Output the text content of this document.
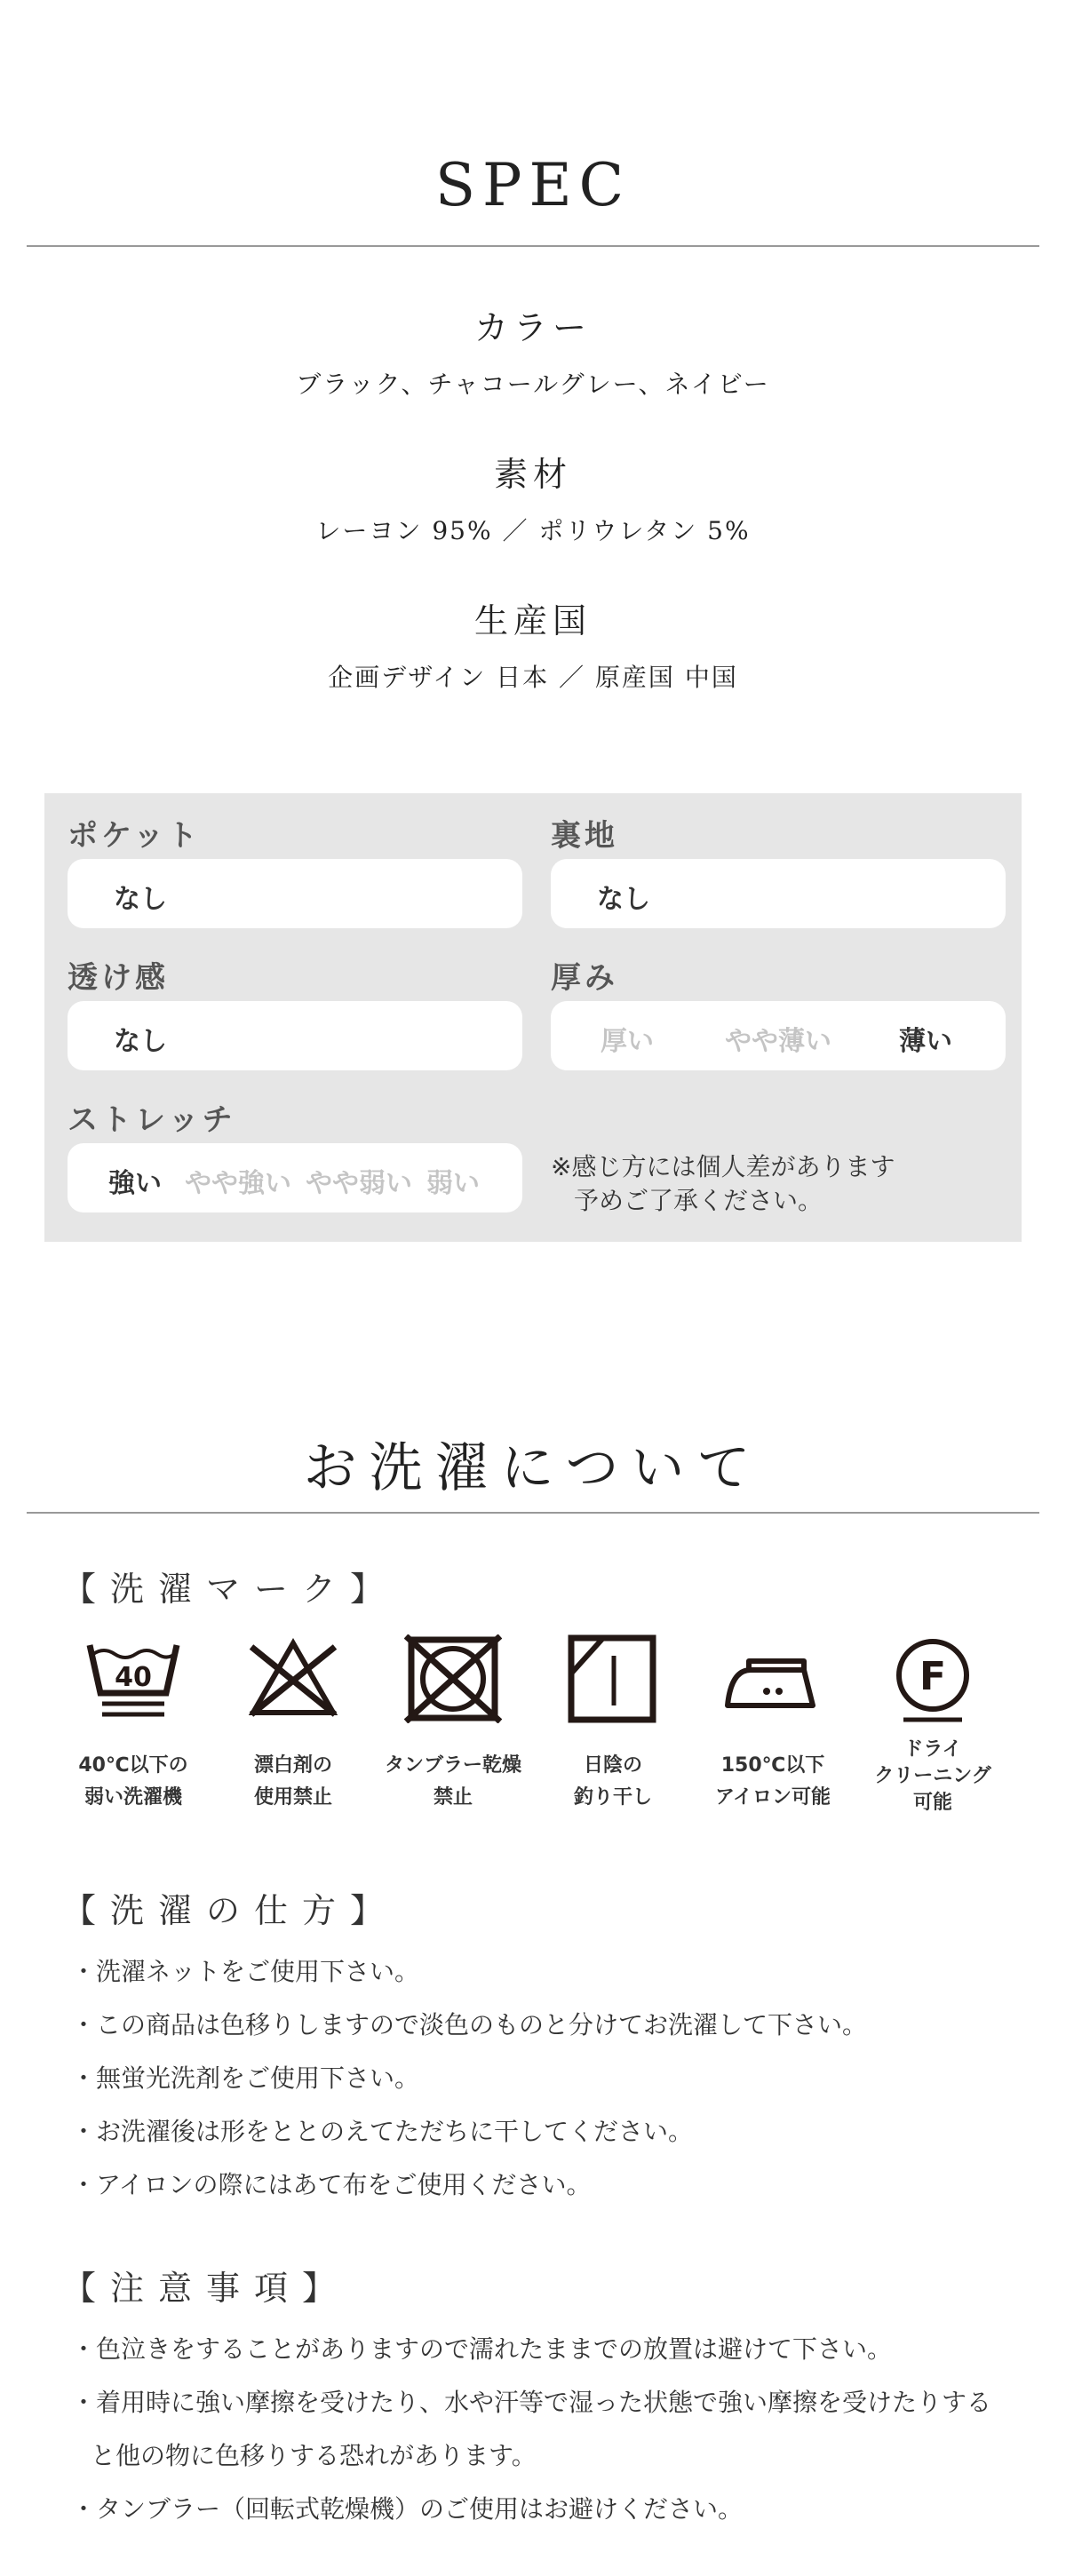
SPEC
カラー
ブラック、チャコールグレー、ネイビー
素材
レーヨン 95% ／ ポリウレタン 5%
生産国
企画デザイン 日本 ／ 原産国 中国
ポケット
なし
裏地
なし
透け感
なし
厚み
厚い	やや薄い	薄い
ストレッチ
強い やや強い やや弱い 弱い
※感じ方には個人差があります
予めご了承ください。
お洗濯について
【洗濯マーク】
40	F
40℃以下の
弱い洗濯機
漂白剤の
使用禁止
タンブラー乾燥
禁止
日陰の
釣り干し
150℃以下
アイロン可能
ドライ
クリーニング
可能
【洗濯の仕方】
・洗濯ネットをご使用下さい。
・この商品は色移りしますので淡色のものと分けてお洗濯して下さい。
・無蛍光洗剤をご使用下さい。
・お洗濯後は形をととのえてただちに干してください。
・アイロンの際にはあて布をご使用ください。
【注意事項】
・色泣きをすることがありますので濡れたままでの放置は避けて下さい。
・着用時に強い摩擦を受けたり、水や汗等で湿った状態で強い摩擦を受けたりする
と他の物に色移りする恐れがあります。
・タンブラー（回転式乾燥機）のご使用はお避けください。
